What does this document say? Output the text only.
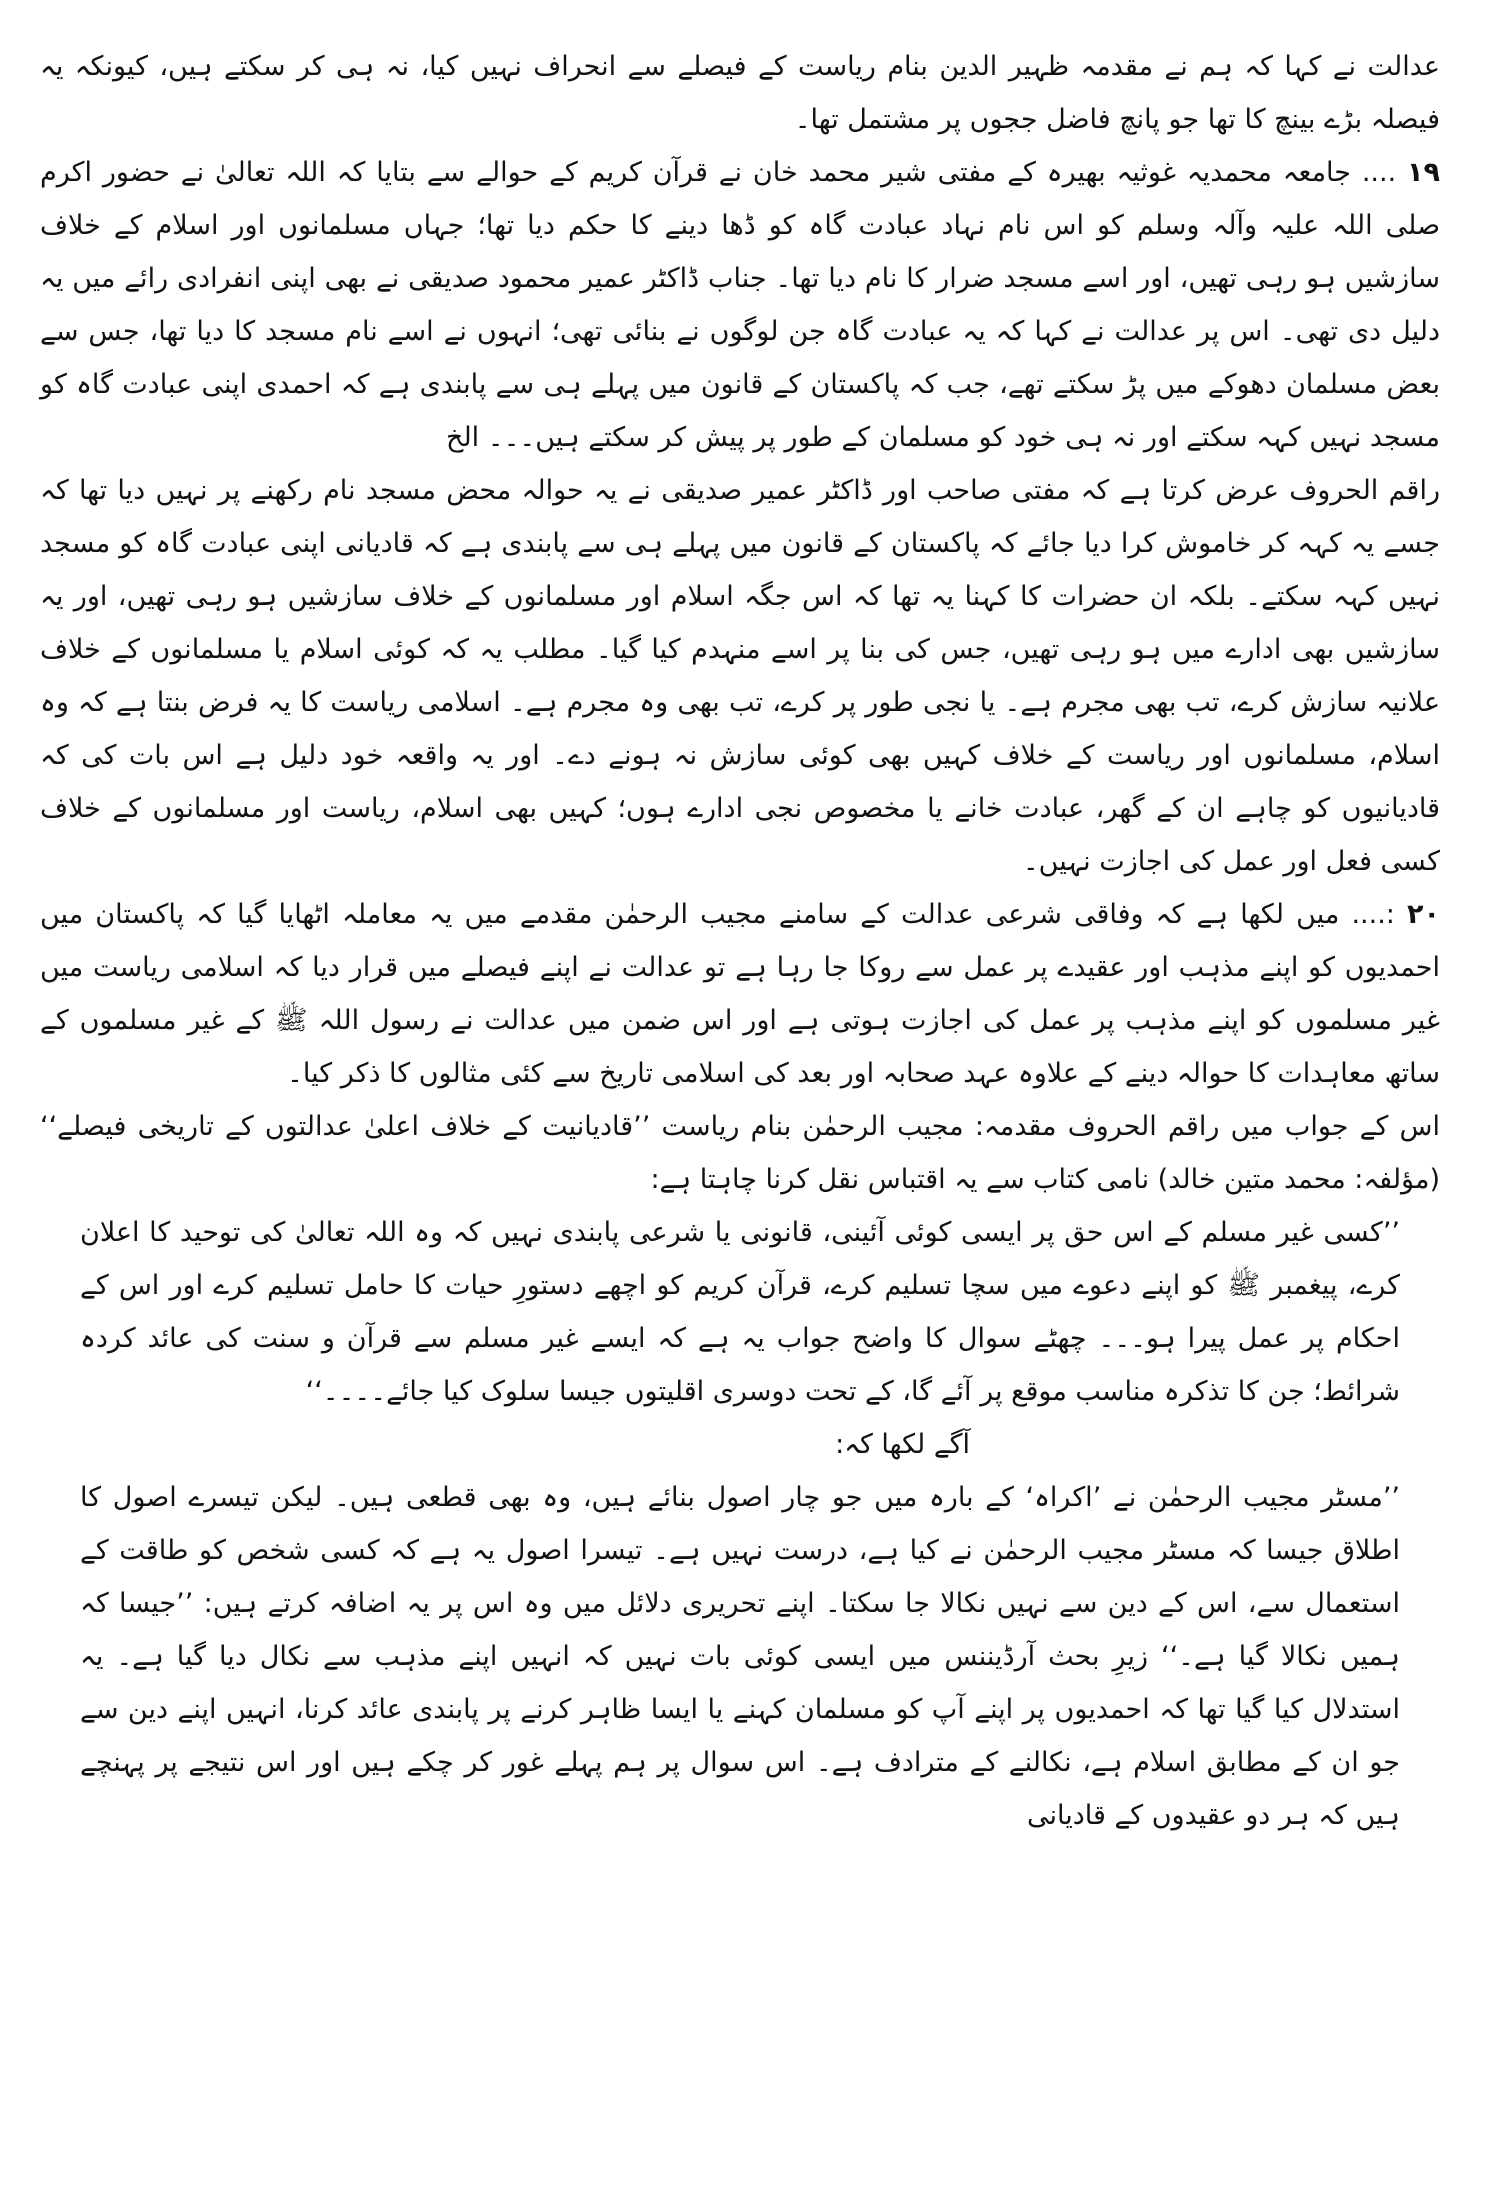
عدالت نے کہا کہ ہم نے مقدمہ ظہیر الدین بنام ریاست کے فیصلے سے انحراف نہیں کیا، نہ ہی کر سکتے ہیں، کیونکہ یہ فیصلہ بڑے بینچ کا تھا جو پانچ فاضل ججوں پر مشتمل تھا۔

۱۹ .... جامعہ محمدیہ غوثیہ بھیرہ کے مفتی شیر محمد خان نے قرآن کریم کے حوالے سے بتایا کہ اللہ تعالیٰ نے حضور اکرم صلی اللہ علیہ وآلہ وسلم کو اس نام نہاد عبادت گاہ کو ڈھا دینے کا حکم دیا تھا؛ جہاں مسلمانوں اور اسلام کے خلاف سازشیں ہو رہی تھیں، اور اسے مسجد ضرار کا نام دیا تھا۔ جناب ڈاکٹر عمیر محمود صدیقی نے بھی اپنی انفرادی رائے میں یہ دلیل دی تھی۔ اس پر عدالت نے کہا کہ یہ عبادت گاہ جن لوگوں نے بنائی تھی؛ انہوں نے اسے نام مسجد کا دیا تھا، جس سے بعض مسلمان دھوکے میں پڑ سکتے تھے، جب کہ پاکستان کے قانون میں پہلے ہی سے پابندی ہے کہ احمدی اپنی عبادت گاہ کو مسجد نہیں کہہ سکتے اور نہ ہی خود کو مسلمان کے طور پر پیش کر سکتے ہیں۔۔۔ الخ

راقم الحروف عرض کرتا ہے کہ مفتی صاحب اور ڈاکٹر عمیر صدیقی نے یہ حوالہ محض مسجد نام رکھنے پر نہیں دیا تھا کہ جسے یہ کہہ کر خاموش کرا دیا جائے کہ پاکستان کے قانون میں پہلے ہی سے پابندی ہے کہ قادیانی اپنی عبادت گاہ کو مسجد نہیں کہہ سکتے۔ بلکہ ان حضرات کا کہنا یہ تھا کہ اس جگہ اسلام اور مسلمانوں کے خلاف سازشیں ہو رہی تھیں، اور یہ سازشیں بھی ادارے میں ہو رہی تھیں، جس کی بنا پر اسے منہدم کیا گیا۔ مطلب یہ کہ کوئی اسلام یا مسلمانوں کے خلاف علانیہ سازش کرے، تب بھی مجرم ہے۔ یا نجی طور پر کرے، تب بھی وہ مجرم ہے۔ اسلامی ریاست کا یہ فرض بنتا ہے کہ وہ اسلام، مسلمانوں اور ریاست کے خلاف کہیں بھی کوئی سازش نہ ہونے دے۔ اور یہ واقعہ خود دلیل ہے اس بات کی کہ قادیانیوں کو چاہے ان کے گھر، عبادت خانے یا مخصوص نجی ادارے ہوں؛ کہیں بھی اسلام، ریاست اور مسلمانوں کے خلاف کسی فعل اور عمل کی اجازت نہیں۔

۲۰ :.... میں لکھا ہے کہ وفاقی شرعی عدالت کے سامنے مجیب الرحمٰن مقدمے میں یہ معاملہ اٹھایا گیا کہ پاکستان میں احمدیوں کو اپنے مذہب اور عقیدے پر عمل سے روکا جا رہا ہے تو عدالت نے اپنے فیصلے میں قرار دیا کہ اسلامی ریاست میں غیر مسلموں کو اپنے مذہب پر عمل کی اجازت ہوتی ہے اور اس ضمن میں عدالت نے رسول اللہ ﷺ کے غیر مسلموں کے ساتھ معاہدات کا حوالہ دینے کے علاوہ عہد صحابہ اور بعد کی اسلامی تاریخ سے کئی مثالوں کا ذکر کیا۔

اس کے جواب میں راقم الحروف مقدمہ: مجیب الرحمٰن بنام ریاست ’’قادیانیت کے خلاف اعلیٰ عدالتوں کے تاریخی فیصلے‘‘ (مؤلفہ: محمد متین خالد) نامی کتاب سے یہ اقتباس نقل کرنا چاہتا ہے:

’’کسی غیر مسلم کے اس حق پر ایسی کوئی آئینی، قانونی یا شرعی پابندی نہیں کہ وہ اللہ تعالیٰ کی توحید کا اعلان کرے، پیغمبر ﷺ کو اپنے دعوے میں سچا تسلیم کرے، قرآن کریم کو اچھے دستورِ حیات کا حامل تسلیم کرے اور اس کے احکام پر عمل پیرا ہو۔۔۔ چھٹے سوال کا واضح جواب یہ ہے کہ ایسے غیر مسلم سے قرآن و سنت کی عائد کردہ شرائط؛ جن کا تذکرہ مناسب موقع پر آئے گا، کے تحت دوسری اقلیتوں جیسا سلوک کیا جائے۔۔۔۔‘‘

آگے لکھا کہ:

’’مسٹر مجیب الرحمٰن نے ’اکراہ‘ کے بارہ میں جو چار اصول بنائے ہیں، وہ بھی قطعی ہیں۔ لیکن تیسرے اصول کا اطلاق جیسا کہ مسٹر مجیب الرحمٰن نے کیا ہے، درست نہیں ہے۔ تیسرا اصول یہ ہے کہ کسی شخص کو طاقت کے استعمال سے، اس کے دین سے نہیں نکالا جا سکتا۔ اپنے تحریری دلائل میں وہ اس پر یہ اضافہ کرتے ہیں: ’’جیسا کہ ہمیں نکالا گیا ہے۔‘‘ زیرِ بحث آرڈیننس میں ایسی کوئی بات نہیں کہ انہیں اپنے مذہب سے نکال دیا گیا ہے۔ یہ استدلال کیا گیا تھا کہ احمدیوں پر اپنے آپ کو مسلمان کہنے یا ایسا ظاہر کرنے پر پابندی عائد کرنا، انہیں اپنے دین سے جو ان کے مطابق اسلام ہے، نکالنے کے مترادف ہے۔ اس سوال پر ہم پہلے غور کر چکے ہیں اور اس نتیجے پر پہنچے ہیں کہ ہر دو عقیدوں کے قادیانی
